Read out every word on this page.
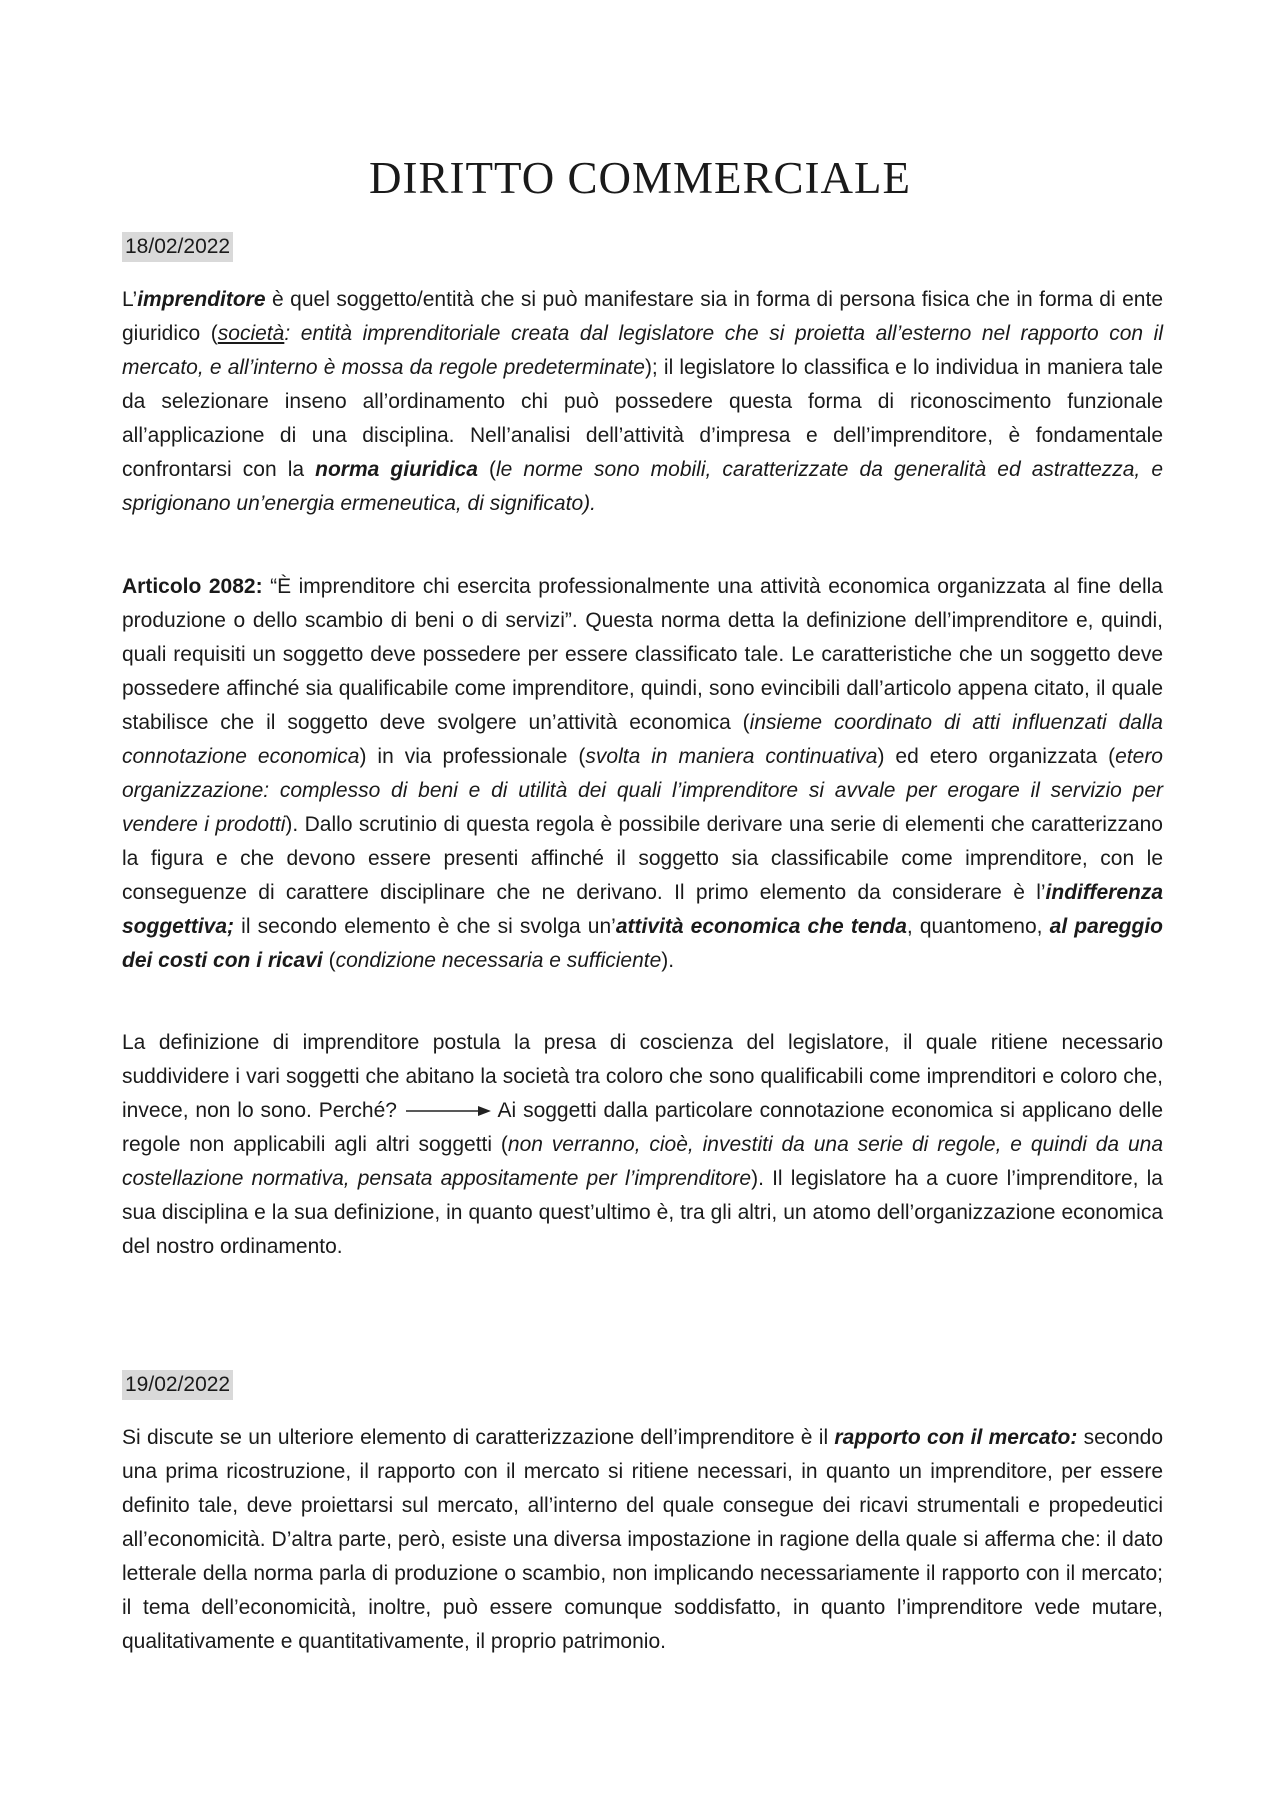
DIRITTO COMMERCIALE
18/02/2022

L’imprenditore è quel soggetto/entità che si può manifestare sia in forma di persona fisica che in forma di ente giuridico (società: entità imprenditoriale creata dal legislatore che si proietta all’esterno nel rapporto con il mercato, e all’interno è mossa da regole predeterminate); il legislatore lo classifica e lo individua in maniera tale da selezionare inseno all’ordinamento chi può possedere questa forma di riconoscimento funzionale all’applicazione di una disciplina. Nell’analisi dell’attività d’impresa e dell’imprenditore, è fondamentale confrontarsi con la norma giuridica (le norme sono mobili, caratterizzate da generalità ed astrattezza, e sprigionano un’energia ermeneutica, di significato).

Articolo 2082: “È imprenditore chi esercita professionalmente una attività economica organizzata al fine della produzione o dello scambio di beni o di servizi”. Questa norma detta la definizione dell’imprenditore e, quindi, quali requisiti un soggetto deve possedere per essere classificato tale. Le caratteristiche che un soggetto deve possedere affinché sia qualificabile come imprenditore, quindi, sono evincibili dall’articolo appena citato, il quale stabilisce che il soggetto deve svolgere un’attività economica (insieme coordinato di atti influenzati dalla connotazione economica) in via professionale (svolta in maniera continuativa) ed etero organizzata (etero organizzazione: complesso di beni e di utilità dei quali l’imprenditore si avvale per erogare il servizio per vendere i prodotti). Dallo scrutinio di questa regola è possibile derivare una serie di elementi che caratterizzano la figura e che devono essere presenti affinché il soggetto sia classificabile come imprenditore, con le conseguenze di carattere disciplinare che ne derivano. Il primo elemento da considerare è l’indifferenza soggettiva; il secondo elemento è che si svolga un’attività economica che tenda, quantomeno, al pareggio dei costi con i ricavi (condizione necessaria e sufficiente).

La definizione di imprenditore postula la presa di coscienza del legislatore, il quale ritiene necessario suddividere i vari soggetti che abitano la società tra coloro che sono qualificabili come imprenditori e coloro che, invece, non lo sono. Perché?	Ai soggetti dalla particolare connotazione economica si applicano delle regole non applicabili agli altri soggetti (non verranno, cioè, investiti da una serie di regole, e quindi da una costellazione normativa, pensata appositamente per l’imprenditore). Il legislatore ha a cuore l’imprenditore, la sua disciplina e la sua definizione, in quanto quest’ultimo è, tra gli altri, un atomo dell’organizzazione economica del nostro ordinamento.

19/02/2022

Si discute se un ulteriore elemento di caratterizzazione dell’imprenditore è il rapporto con il mercato: secondo una prima ricostruzione, il rapporto con il mercato si ritiene necessari, in quanto un imprenditore, per essere definito tale, deve proiettarsi sul mercato, all’interno del quale consegue dei ricavi strumentali e propedeutici all’economicità. D’altra parte, però, esiste una diversa impostazione in ragione della quale si afferma che: il dato letterale della norma parla di produzione o scambio, non implicando necessariamente il rapporto con il mercato; il tema dell’economicità, inoltre, può essere comunque soddisfatto, in quanto l’imprenditore vede mutare, qualitativamente e quantitativamente, il proprio patrimonio.
